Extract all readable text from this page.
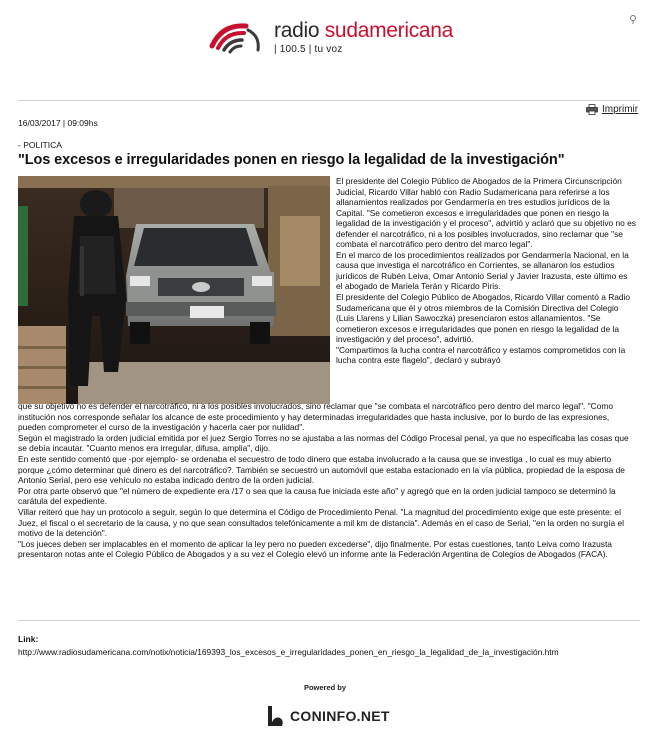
radio sudamericana
| 100.5 | tu voz
Imprimir
16/03/2017 | 09:09hs
- POLITICA
"Los excesos e irregularidades ponen en riesgo la legalidad de la investigación"

El presidente del Colegio Público de Abogados de la Primera Circunscripción Judicial, Ricardo Villar habló con Radio Sudamericana para referirse a los allanamientos realizados por Gendarmería en tres estudios jurídicos de la Capital. "Se cometieron excesos e irregularidades que ponen en riesgo la legalidad de la investigación y el proceso", advirtió y aclaró que su objetivo no es defender el narcotráfico, ni a los posibles involucrados, sino reclamar que "se combata el narcotráfico pero dentro del marco legal".

En el marco de los procedimientos realizados por Gendarmería Nacional, en la causa que investiga el narcotráfico en Corrientes, se allanaron los estudios jurídicos de Rubén Leiva, Omar Antonio Serial y Javier Irazusta, este último es el abogado de Mariela Terán y Ricardo Piris.

El presidente del Colegio Público de Abogados, Ricardo Villar comentó a Radio Sudamericana que él y otros miembros de la Comisión Directiva del Colegio (Luis Llarens y Lilian Sawoczka) presenciaron estos allanamientos. "Se cometieron excesos e irregularidades que ponen en riesgo la legalidad de la investigación y del proceso", advirtió.

"Compartimos la lucha contra el narcotráfico y estamos comprometidos con la lucha contra este flagelo", declaró y subrayó

que su objetivo no es defender el narcotráfico, ni a los posibles involucrados, sino reclamar que "se combata el narcotráfico pero dentro del marco legal". "Como institución nos corresponde señalar los alcance de este procedimiento y hay determinadas irregularidades que hasta inclusive, por lo burdo de las expresiones, pueden comprometer el curso de la investigación y hacerla caer por nulidad".

Según el magistrado la orden judicial emitida por el juez Sergio Torres no se ajustaba a las normas del Código Procesal penal, ya que no especificaba las cosas que se debía incautar. "Cuanto menos era irregular, difusa, amplia", dijo.

En este sentido comentó que -por ejemplo- se ordenaba el secuestro de todo dinero que estaba involucrado a la causa que se investiga , lo cual es muy abierto porque ¿cómo determinar qué dinero es del narcotráfico?. También se secuestró un automóvil que estaba estacionado en la vía pública, propiedad de la esposa de Antonio Serial, pero ese vehículo no estaba indicado dentro de la orden judicial.

Por otra parte observó que "el número de expediente era /17 o sea que la causa fue iniciada este año" y agregó que en la orden judicial tampoco se determinó la carátula del expediente.

Villar reiteró que hay un protocolo a seguir, según lo que determina el Código de Procedimiento Penal. "La magnitud del procedimiento exige que este presente: el Juez, el fiscal o el secretario de la causa, y no que sean consultados telefónicamente a mil km de distancia". Además en el caso de Serial, "en la orden no surgía el motivo de la detención".

"Los jueces deben ser implacables en el momento de aplicar la ley pero no pueden excederse", dijo finalmente. Por estas cuestiones, tanto Leiva como Irazusta presentaron notas ante el Colegio Público de Abogados y a su vez el Colegio elevó un informe ante la Federación Argentina de Colegios de Abogados (FACA).

Link:
http://www.radiosudamericana.com/notix/noticia/169393_los_excesos_e_irregularidades_ponen_en_riesgo_la_legalidad_de_la_investigación.htm
Powered by
CONINFO.NET
